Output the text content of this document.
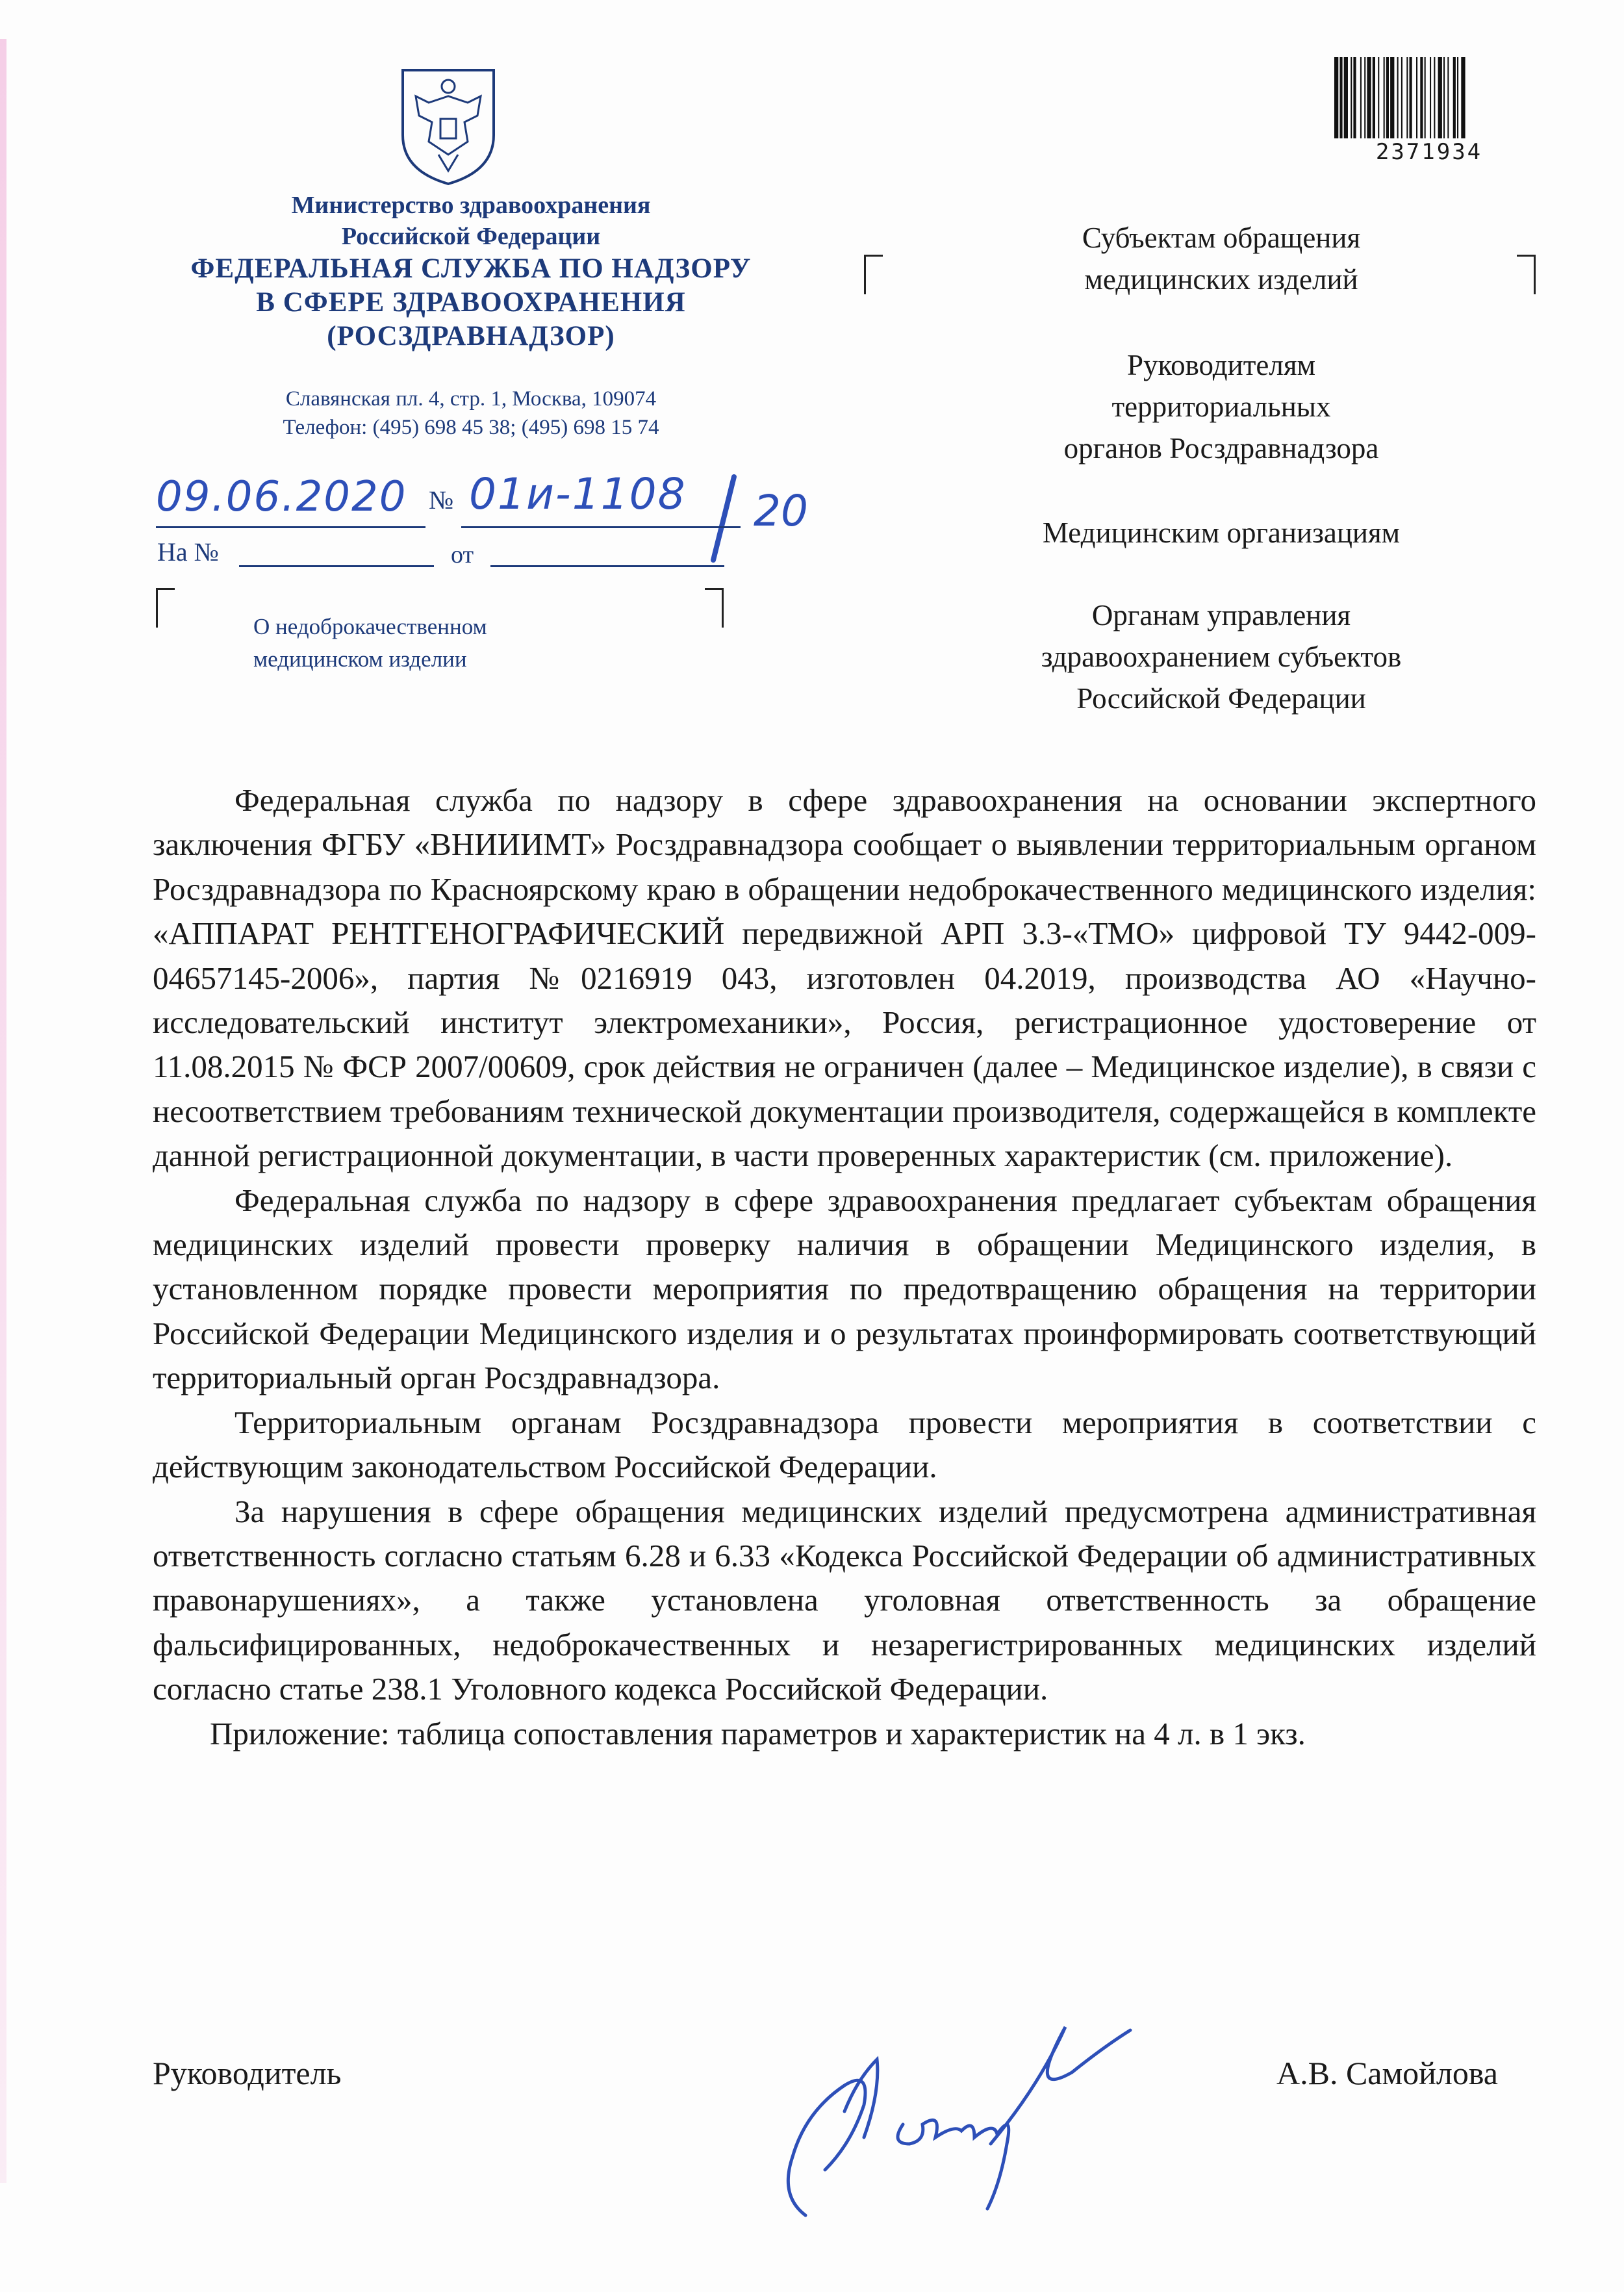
Министерство здравоохранения
Российской Федерации
ФЕДЕРАЛЬНАЯ СЛУЖБА ПО НАДЗОРУ
В СФЕРЕ ЗДРАВООХРАНЕНИЯ
(РОСЗДРАВНАДЗОР)
Славянская пл. 4, стр. 1, Москва, 109074
Телефон: (495) 698 45 38; (495) 698 15 74
09.06.2020 № 01и-1108 20
На №	от
О недоброкачественном
медицинском изделии
2371934
Субъектам обращения
медицинских изделий
Руководителям
территориальных
органов Росздравнадзора
Медицинским организациям
Органам управления
здравоохранением субъектов
Российской Федерации

Федеральная служба по надзору в сфере здравоохранения на основании экспертного заключения ФГБУ «ВНИИИМТ» Росздравнадзора сообщает о выявлении территориальным органом Росздравнадзора по Красноярскому краю в обращении недоброкачественного медицинского изделия: «АППАРАТ РЕНТГЕНОГРАФИЧЕСКИЙ передвижной АРП 3.3-«ТМО» цифровой ТУ 9442-009-04657145-2006», партия №0216919 043, изготовлен 04.2019, производства АО «Научно-исследовательский институт электромеханики», Россия, регистрационное удостоверение от 11.08.2015 № ФСР 2007/00609, срок действия не ограничен (далее – Медицинское изделие), в связи с несоответствием требованиям технической документации производителя, содержащейся в комплекте данной регистрационной документации, в части проверенных характеристик (см. приложение).

Федеральная служба по надзору в сфере здравоохранения предлагает субъектам обращения медицинских изделий провести проверку наличия в обращении Медицинского изделия, в установленном порядке провести мероприятия по предотвращению обращения на территории Российской Федерации Медицинского изделия и о результатах проинформировать соответствующий территориальный орган Росздравнадзора.

Территориальным органам Росздравнадзора провести мероприятия в соответствии с действующим законодательством Российской Федерации.

За нарушения в сфере обращения медицинских изделий предусмотрена административная ответственность согласно статьям 6.28 и 6.33 «Кодекса Российской Федерации об административных правонарушениях», а также установлена уголовная ответственность за обращение фальсифицированных, недоброкачественных и незарегистрированных медицинских изделий согласно статье 238.1 Уголовного кодекса Российской Федерации.

Приложение: таблица сопоставления параметров и характеристик на 4 л. в 1 экз.

Руководитель	А.В. Самойлова
